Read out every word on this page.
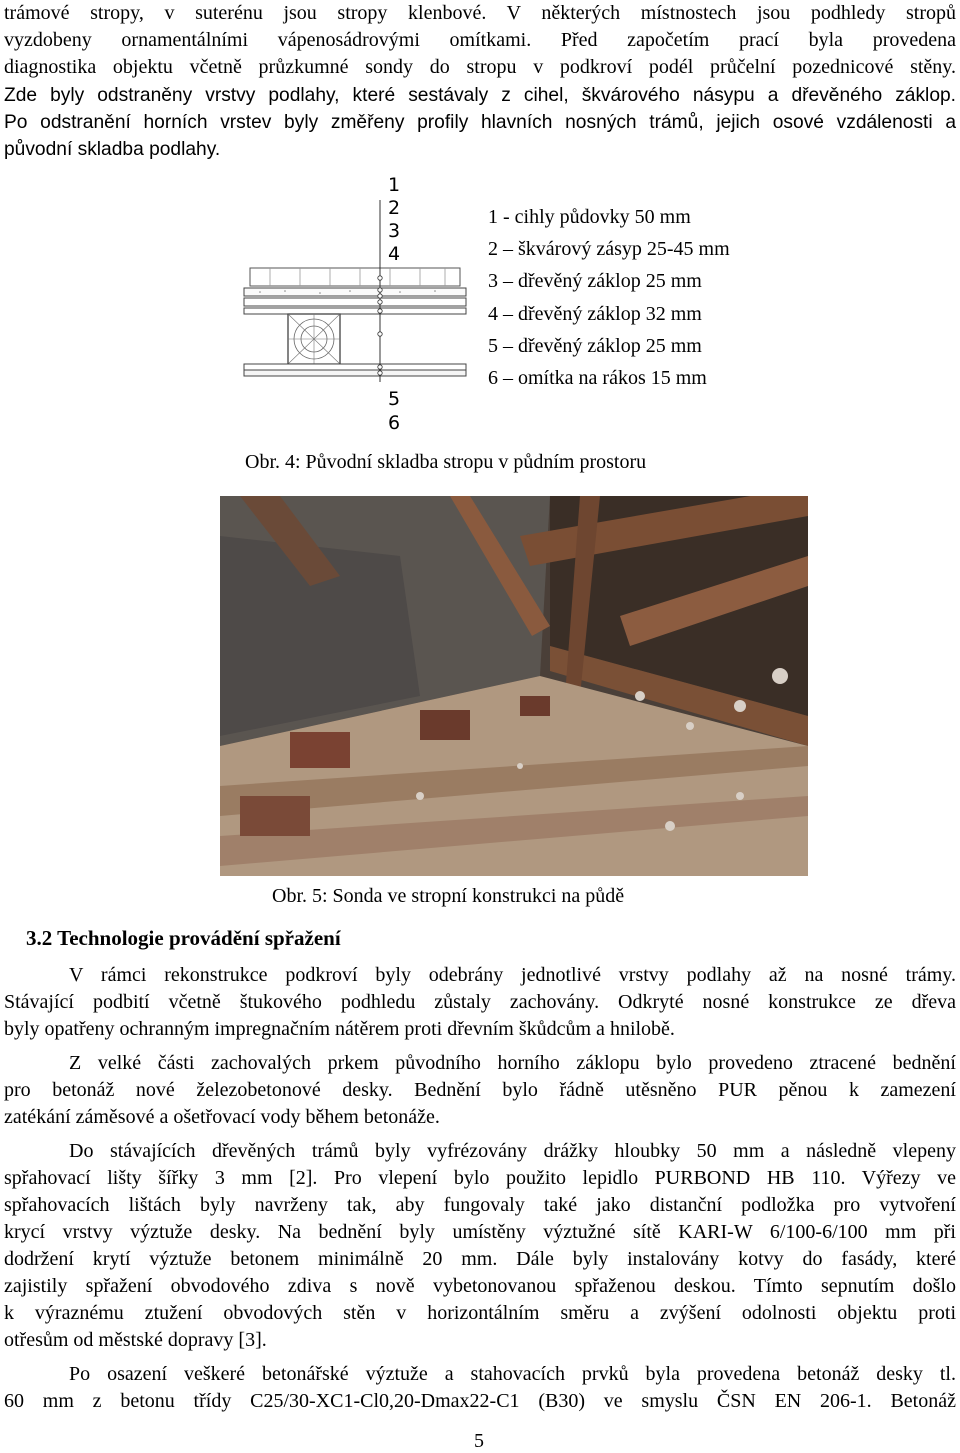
trámové stropy, v suterénu jsou stropy klenbové. V některých místnostech jsou podhledy stropů
vyzdobeny ornamentálními vápenosádrovými omítkami. Před započetím prací byla provedena
diagnostika objektu včetně průzkumné sondy do stropu v podkroví podél průčelní pozednicové stěny.
Zde byly odstraněny vrstvy podlahy, které sestávaly z cihel, škvárového násypu a dřevěného záklop.
Po odstranění horních vrstev byly změřeny profily hlavních nosných trámů, jejich osové vzdálenosti a
původní skladba podlahy.
1
2
3
4
5
6
1 - cihly půdovky 50 mm
2 – škvárový zásyp 25-45 mm
3 – dřevěný záklop 25 mm
4 – dřevěný záklop 32 mm
5 – dřevěný záklop 25 mm
6 – omítka na rákos 15 mm
Obr. 4: Původní skladba stropu v půdním prostoru
Obr. 5: Sonda ve stropní konstrukci na půdě
3.2 Technologie provádění spřažení
V rámci rekonstrukce podkroví byly odebrány jednotlivé vrstvy podlahy až na nosné trámy.
Stávající podbití včetně štukového podhledu zůstaly zachovány. Odkryté nosné konstrukce ze dřeva
byly opatřeny ochranným impregnačním nátěrem proti dřevním škůdcům a hnilobě.
Z velké části zachovalých prkem původního horního záklopu bylo provedeno ztracené bednění
pro betonáž nové železobetonové desky. Bednění bylo řádně utěsněno PUR pěnou k zamezení
zatékání záměsové a ošetřovací vody během betonáže.
Do stávajících dřevěných trámů byly vyfrézovány drážky hloubky 50 mm a následně vlepeny
spřahovací lišty šířky 3 mm [2]. Pro vlepení bylo použito lepidlo PURBOND HB 110. Výřezy ve
spřahovacích lištách byly navrženy tak, aby fungovaly také jako distanční podložka pro vytvoření
krycí vrstvy výztuže desky. Na bednění byly umístěny výztužné sítě KARI-W 6/100-6/100 mm při
dodržení krytí výztuže betonem minimálně 20 mm. Dále byly instalovány kotvy do fasády, které
zajistily spřažení obvodového zdiva s nově vybetonovanou spřaženou deskou. Tímto sepnutím došlo
k výraznému ztužení obvodových stěn v horizontálním směru a zvýšení odolnosti objektu proti
otřesům od městské dopravy [3].
Po osazení veškeré betonářské výztuže a stahovacích prvků byla provedena betonáž desky tl.
60 mm z betonu třídy C25/30-XC1-Cl0,20-Dmax22-C1 (B30) ve smyslu ČSN EN 206-1. Betonáž
5
